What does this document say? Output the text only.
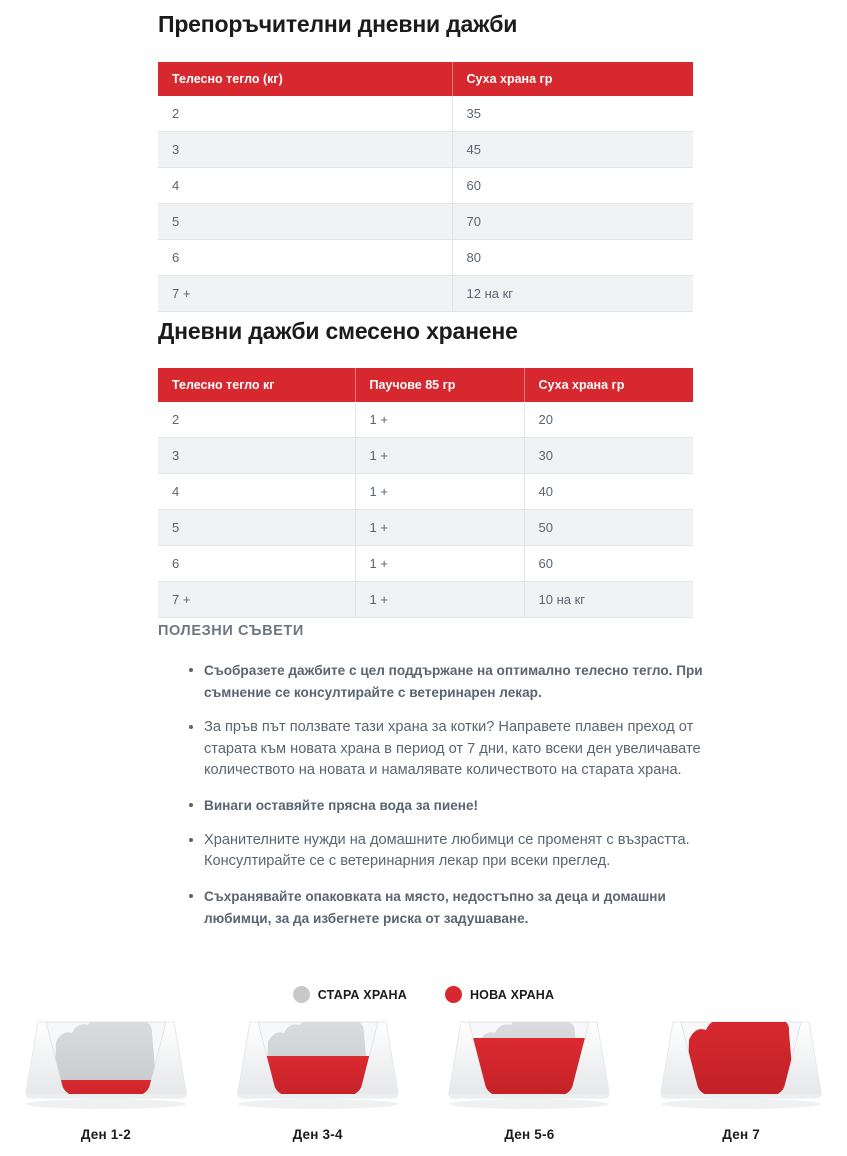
Препоръчителни дневни дажби
Телесно тегло (кг)	Суха храна гр
2	35
3	45
4	60
5	70
6	80
7 +	12 на кг
Дневни дажби смесено хранене
Телесно тегло кг	Паучове 85 гр	Суха храна гр
2	1 +	20
3	1 +	30
4	1 +	40
5	1 +	50
6	1 +	60
7 +	1 +	10 на кг
ПОЛЕЗНИ СЪВЕТИ
Съобразете дажбите с цел поддържане на оптимално телесно тегло. При съмнение се консултирайте с ветеринарен лекар.
За пръв път ползвате тази храна за котки? Направете плавен преход от старата към новата храна в период от 7 дни, като всеки ден увеличавате количеството на новата и намалявате количеството на старата храна.
Винаги оставяйте прясна вода за пиене!
Хранителните нужди на домашните любимци се променят с възрастта. Консултирайте се с ветеринарния лекар при всеки преглед.
Съхранявайте опаковката на място, недостъпно за деца и домашни любимци, за да избегнете риска от задушаване.
СТАРА ХРАНА	НОВА ХРАНА
Ден 1-2	Ден 3-4	Ден 5-6	Ден 7
